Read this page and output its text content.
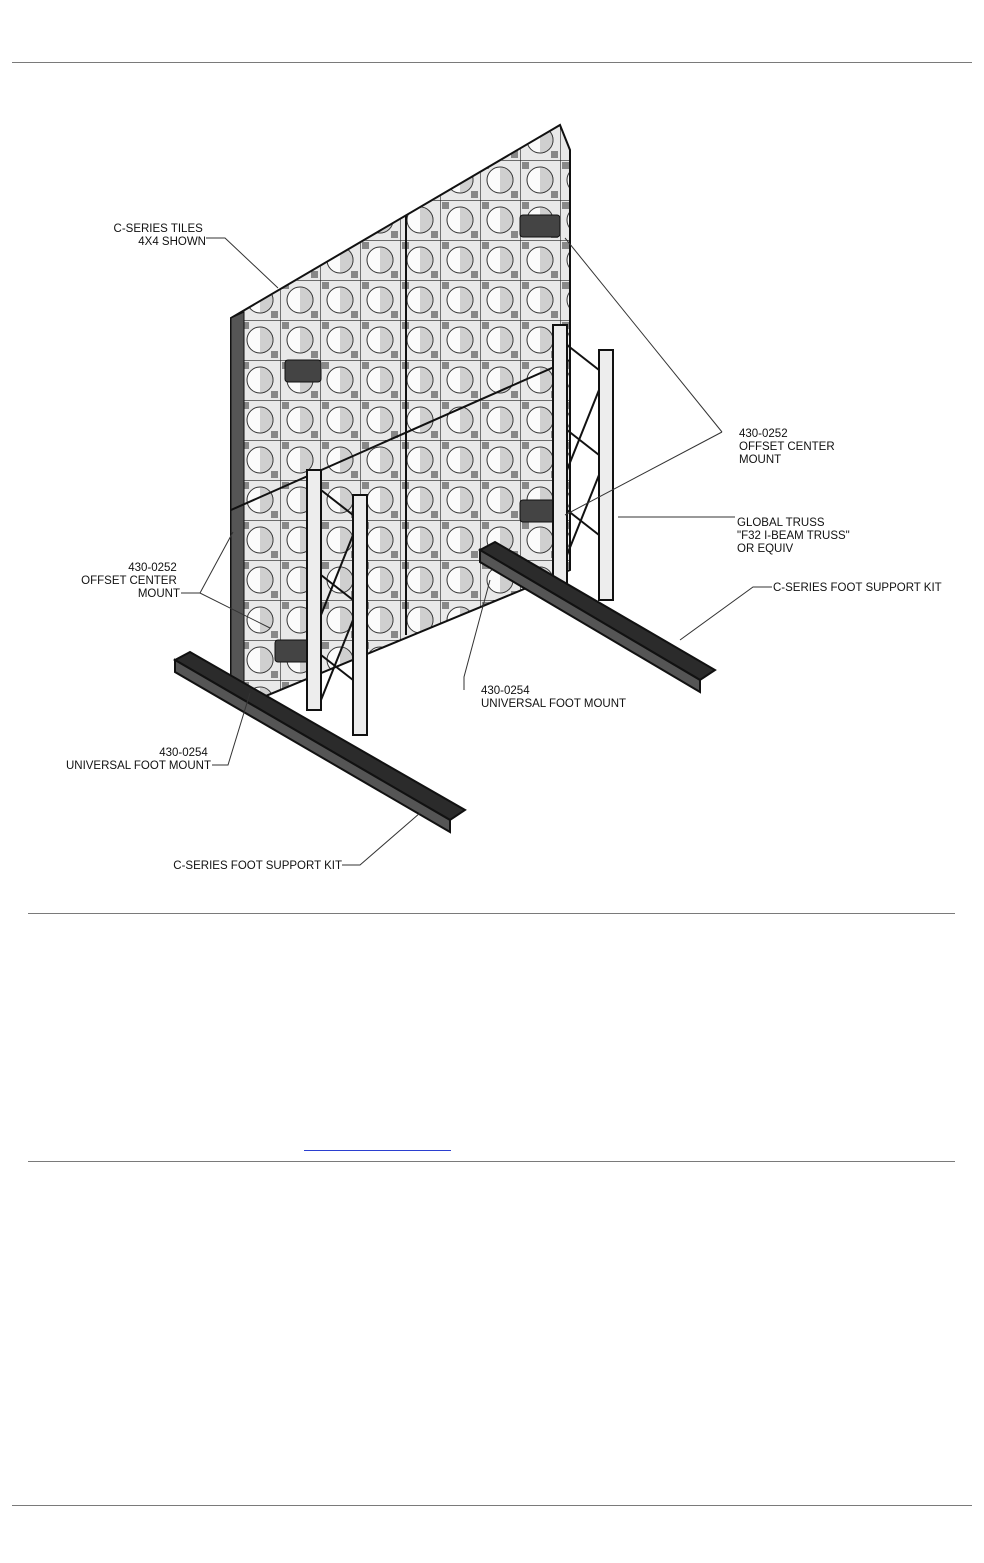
C-SERIES TILES 4X4 SHOWN
430-0252 OFFSET CENTER MOUNT
430-0252 OFFSET CENTER MOUNT
GLOBAL TRUSS "F32 I-BEAM TRUSS" OR EQUIV
C-SERIES FOOT SUPPORT KIT
430-0254 UNIVERSAL FOOT MOUNT
430-0254 UNIVERSAL FOOT MOUNT
C-SERIES FOOT SUPPORT KIT
